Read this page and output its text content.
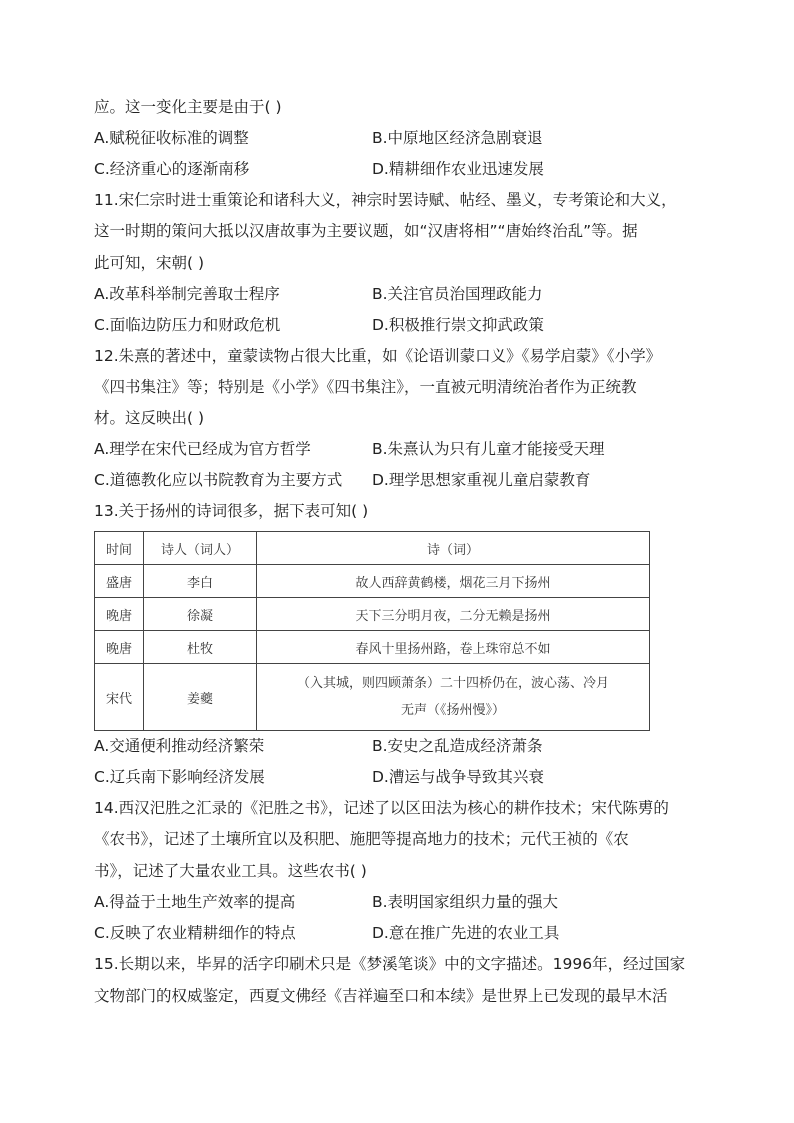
应。这一变化主要是由于( )
A.赋税征收标准的调整	B.中原地区经济急剧衰退
C.经济重心的逐渐南移	D.精耕细作农业迅速发展
11.宋仁宗时进士重策论和诸科大义，神宗时罢诗赋、帖经、墨义，专考策论和大义，
这一时期的策问大抵以汉唐故事为主要议题，如“汉唐将相”“唐始终治乱”等。据
此可知，宋朝( )
A.改革科举制完善取士程序	B.关注官员治国理政能力
C.面临边防压力和财政危机	D.积极推行崇文抑武政策
12.朱熹的著述中，童蒙读物占很大比重，如《论语训蒙口义》《易学启蒙》《小学》
《四书集注》等；特别是《小学》《四书集注》，一直被元明清统治者作为正统教
材。这反映出( )
A.理学在宋代已经成为官方哲学	B.朱熹认为只有儿童才能接受天理
C.道德教化应以书院教育为主要方式 D.理学思想家重视儿童启蒙教育
13.关于扬州的诗词很多，据下表可知( )
时间	诗人（词人）	诗（词）
盛唐	李白	故人西辞黄鹤楼，烟花三月下扬州
晚唐	徐凝	天下三分明月夜，二分无赖是扬州
晚唐	杜牧	春风十里扬州路，卷上珠帘总不如
宋代	姜夔	（入其城，则四顾萧条）二十四桥仍在，波心荡、冷月
无声（《扬州慢》）
A.交通便利推动经济繁荣	B.安史之乱造成经济萧条
C.辽兵南下影响经济发展	D.漕运与战争导致其兴衰
14.西汉汜胜之汇录的《汜胜之书》，记述了以区田法为核心的耕作技术；宋代陈旉的
《农书》，记述了土壤所宜以及积肥、施肥等提高地力的技术；元代王祯的《农
书》，记述了大量农业工具。这些农书( )
A.得益于土地生产效率的提高	B.表明国家组织力量的强大
C.反映了农业精耕细作的特点	D.意在推广先进的农业工具
15.长期以来，毕昇的活字印刷术只是《梦溪笔谈》中的文字描述。1996年，经过国家
文物部门的权威鉴定，西夏文佛经《吉祥遍至口和本续》是世界上已发现的最早木活
